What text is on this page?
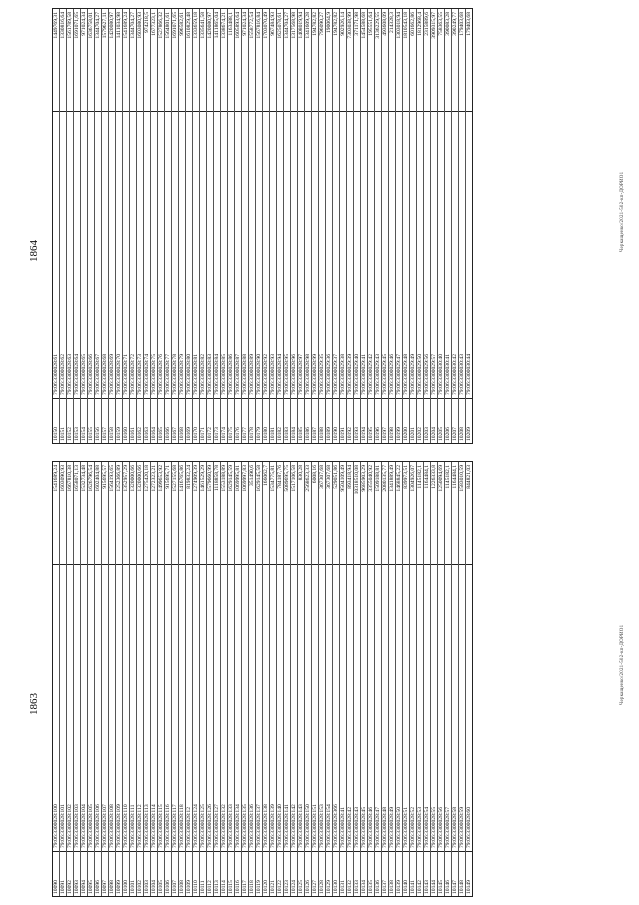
1863
10090
79:06:3300028:100
1541689,24
10091
79:06:3300028:101
1603090,93
10092
79:06:3300028:102
1667810,38
10093
79:06:3300028:103
1658071,13
10094
79:06:3300028:104
1532734,48
10095
79:06:3300028:105
1626796,54
10096
79:06:3300028:106
1602404,88
10097
79:06:3300028:107
915695,57
10098
79:06:3300028:108
1564193,65
10099
79:06:3300028:109
1252366,89
10100
79:06:3300028:110
1352957,29
10101
79:06:3300028:111
1320000,66
10102
79:06:3300028:112
1320000,66
10103
79:06:3300028:113
1275420,18
10104
79:06:3300028:114
1272323,21
10105
79:06:3300028:115
1499653,92
10106
79:06:3300028:116
915695,71
10107
79:06:3300028:117
1527155,68
10108
79:06:3300028:118
1416765,86
10109
79:06:3300028:12
819832,24
10110
79:06:3300028:124
1274909,39
10111
79:06:3300028:125
1461529,29
10112
79:06:3300028:126
1579660,99
10113
79:06:3300028:127
1118858,78
10114
79:06:3300028:132
1553188,89
10115
79:06:3300028:133
1629145,59
10116
79:06:3300028:134
1069995,81
10117
79:06:3300028:135
1069997,83
10118
79:06:3300028:136
351490,6
10119
79:06:3300028:137
1629145,58
10120
79:06:3300028:138
166062,7
10121
79:06:3300028:139
1534775,81
10122
79:06:3300028:140
784187,76
10123
79:06:3300028:141
5089695,75
10124
79:06:3300028:142
1517106,58
10125
79:06:3300028:143
830,28
10126
79:06:3300028:150
2568623,33
10127
79:06:3300028:151
6008,16
10128
79:06:3300028:153
367307,68
10129
79:06:3300028:154
367307,68
10130
79:06:3300028:366
529051,86
10131
79:06:3300028:41
9504109,49
10132
79:06:3300028:42
893418,94
10133
79:06:3300028:43
10318510,08
10134
79:06:3300028:45
9685903,29
10135
79:06:3300028:46
3355040,92
10136
79:06:3300028:47
1509188,81
10137
79:06:3300028:48
2080135,77
10138
79:06:3300028:49
1341889,49
10139
79:06:3300028:50
1468845,22
10140
79:06:3300028:51
839973,51
10141
79:06:3300028:52
1304926,07
10142
79:06:3300028:53
1145182,1
10143
79:06:3300028:54
1164484,1
10144
79:06:3300028:55
1226333,8
10145
79:06:3300028:56
1250094,69
10146
79:06:3300028:57
1145182,1
10147
79:06:3300028:58
1164484,1
10148
79:06:3300028:59
1583010,59
10149
79:06:3300028:60
844821,03
Черкащенко/2021-502-кп-ДОРИО1
1864
10150
79:06:3300028:61
1449769,31
10151
79:06:3300028:62
1330816,64
10152
79:06:3300028:63
1561789,58
10153
79:06:3300028:64
1691071,65
10154
79:06:3300028:65
971024,34
10155
79:06:3300028:66
1636758,01
10156
79:06:3300028:67
1344704,27
10157
79:06:3300028:68
1579627,11
10158
79:06:3300028:69
1420080,97
10159
79:06:3300028:70
1411034,98
10160
79:06:3300028:71
1541689,24
10161
79:06:3300028:72
1344704,27
10162
79:06:3300028:73
1603080,93
10163
79:06:3300028:74
974218,5
10164
79:06:3300028:75
1677323,1
10165
79:06:3300028:76
1527866,32
10166
79:06:3300028:77
1564801,61
10167
79:06:3300028:78
1691071,65
10168
79:06:3300028:79
996582,61
10169
79:06:3300028:80
1610829,48
10170
79:06:3300028:81
1333659,18
10171
79:06:3300028:82
1335641,58
10172
79:06:3300028:83
1420080,97
10173
79:06:3300028:84
1411865,04
10174
79:06:3300028:85
1338674,21
10175
79:06:3300028:86
1163488,1
10176
79:06:3300028:87
1605893,64
10177
79:06:3300028:88
971024,34
10178
79:06:3300028:89
1558772,54
10179
79:06:3300028:90
1567816,84
10180
79:06:3300028:92
1703070,49
10181
79:06:3300028:93
967484,93
10182
79:06:3300028:94
1625078,61
10183
79:06:3300028:95
1344704,27
10184
79:06:3300028:96
1317568,98
10185
79:06:3300028:97
1408019,94
10186
79:06:3300028:98
1341609,28
10187
79:06:3300028:99
194782,82
10188
79:06:3300029:35
796090,27
10189
79:06:3300029:36
190064,9
10190
79:06:3300029:37
194782,82
10191
79:06:3300029:38
902926,14
10192
79:06:3300029:39
7303038,99
10193
79:06:3300029:40
371171,98
10194
79:06:3300029:41
1454588,68
10195
79:06:3300029:42
195551,64
10196
79:06:3300029:43
3136229,55
10197
79:06:3300029:45
493608,09
10198
79:06:3300029:46
214328,3
10199
79:06:3300029:47
1303018,94
10200
79:06:3300029:48
1810543,18
10201
79:06:3300029:49
601662,86
10202
79:06:3300029:50
1812968,4
10203
79:06:3300029:56
2315889,6
10204
79:06:3300029:57
3909315,97
10205
79:06:3300030:40
758363,55
10206
79:06:3300030:41
390083,28
10207
79:06:3300030:42
390249,77
10208
79:06:3300030:43
179403,68
10209
79:06:3300030:44
179403,68
Черкащенко/2021-502-кп-ДОРИО1
